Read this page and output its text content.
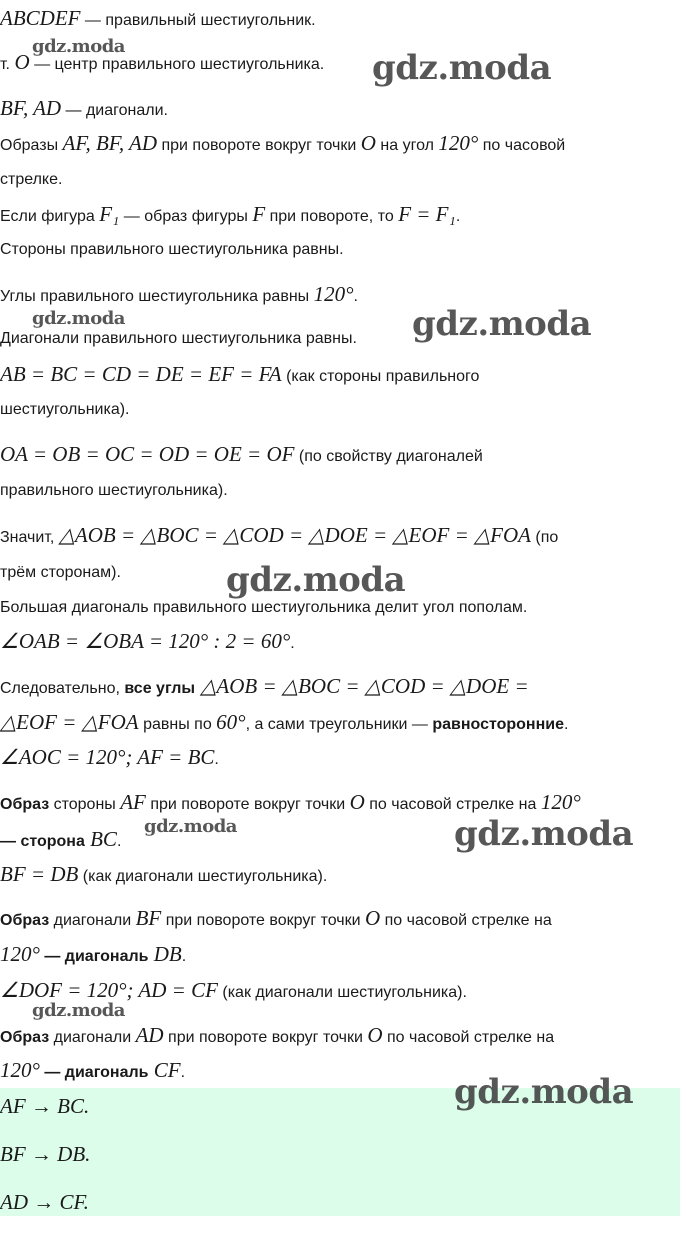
ABCDEF — правильный шестиугольник.
т. O — центр правильного шестиугольника.
BF, AD — диагонали.
Образы AF, BF, AD при повороте вокруг точки O на угол 120° по часовой
стрелке.
Если фигура F₁ — образ фигуры F при повороте, то F = F₁.
Стороны правильного шестиугольника равны.
Углы правильного шестиугольника равны 120°.
Диагонали правильного шестиугольника равны.
AB = BC = CD = DE = EF = FA (как стороны правильного
шестиугольника).
OA = OB = OC = OD = OE = OF (по свойству диагоналей
правильного шестиугольника).
Значит, △AOB = △BOC = △COD = △DOE = △EOF = △FOA (по
трём сторонам).
Большая диагональ правильного шестиугольника делит угол пополам.
∠OAB = ∠OBA = 120° : 2 = 60°.
Следовательно, все углы △AOB = △BOC = △COD = △DOE =
△EOF = △FOA равны по 60°, а сами треугольники — равносторонние.
∠AOC = 120°; AF = BC.
Образ стороны AF при повороте вокруг точки O по часовой стрелке на 120°
— сторона BC.
BF = DB (как диагонали шестиугольника).
Образ диагонали BF при повороте вокруг точки O по часовой стрелке на
120° — диагональ DB.
∠DOF = 120°; AD = CF (как диагонали шестиугольника).
Образ диагонали AD при повороте вокруг точки O по часовой стрелке на
120° — диагональ CF.
AF → BC.
BF → DB.
AD → CF.
gdz.moda
gdz.moda
gdz.moda	gdz.moda
gdz.moda
gdz.moda	gdz.moda
gdz.moda
gdz.moda
